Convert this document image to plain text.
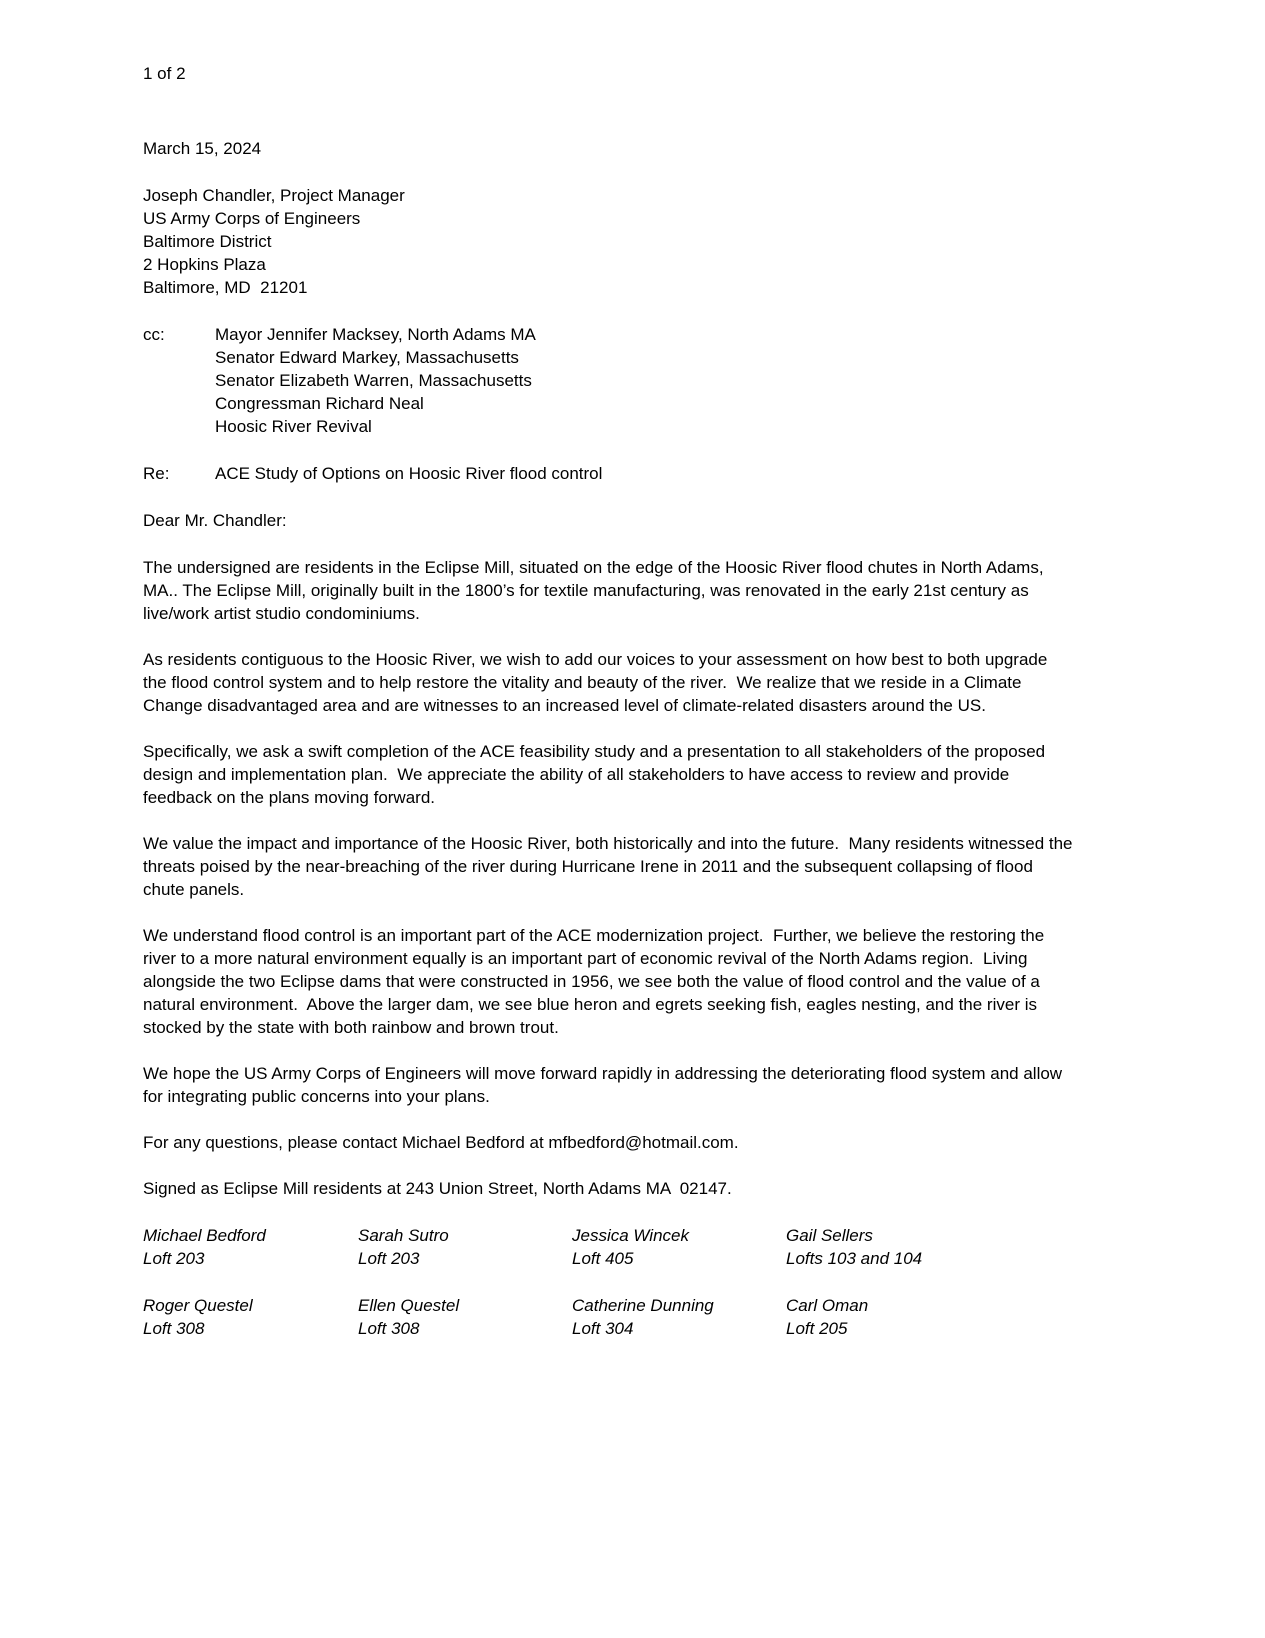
1 of 2
March 15, 2024
Joseph Chandler, Project Manager
US Army Corps of Engineers
Baltimore District
2 Hopkins Plaza
Baltimore, MD  21201
cc:	Mayor Jennifer Macksey, North Adams MA
Senator Edward Markey, Massachusetts
Senator Elizabeth Warren, Massachusetts
Congressman Richard Neal
Hoosic River Revival
Re:	ACE Study of Options on Hoosic River flood control
Dear Mr. Chandler:

The undersigned are residents in the Eclipse Mill, situated on the edge of the Hoosic River flood chutes in North Adams, MA.. The Eclipse Mill, originally built in the 1800’s for textile manufacturing, was renovated in the early 21st century as live/work artist studio condominiums.

As residents contiguous to the Hoosic River, we wish to add our voices to your assessment on how best to both upgrade the flood control system and to help restore the vitality and beauty of the river.  We realize that we reside in a Climate Change disadvantaged area and are witnesses to an increased level of climate-related disasters around the US.

Specifically, we ask a swift completion of the ACE feasibility study and a presentation to all stakeholders of the proposed design and implementation plan.  We appreciate the ability of all stakeholders to have access to review and provide feedback on the plans moving forward.

We value the impact and importance of the Hoosic River, both historically and into the future.  Many residents witnessed the threats poised by the near-breaching of the river during Hurricane Irene in 2011 and the subsequent collapsing of flood chute panels.

We understand flood control is an important part of the ACE modernization project.  Further, we believe the restoring the river to a more natural environment equally is an important part of economic revival of the North Adams region.  Living alongside the two Eclipse dams that were constructed in 1956, we see both the value of flood control and the value of a natural environment.  Above the larger dam, we see blue heron and egrets seeking fish, eagles nesting, and the river is stocked by the state with both rainbow and brown trout.

We hope the US Army Corps of Engineers will move forward rapidly in addressing the deteriorating flood system and allow for integrating public concerns into your plans.

For any questions, please contact Michael Bedford at mfbedford@hotmail.com.

Signed as Eclipse Mill residents at 243 Union Street, North Adams MA  02147.

Michael Bedford
Loft 203
Sarah Sutro
Loft 203
Jessica Wincek
Loft 405
Gail Sellers
Lofts 103 and 104
Roger Questel
Loft 308
Ellen Questel
Loft 308
Catherine Dunning
Loft 304
Carl Oman
Loft 205
